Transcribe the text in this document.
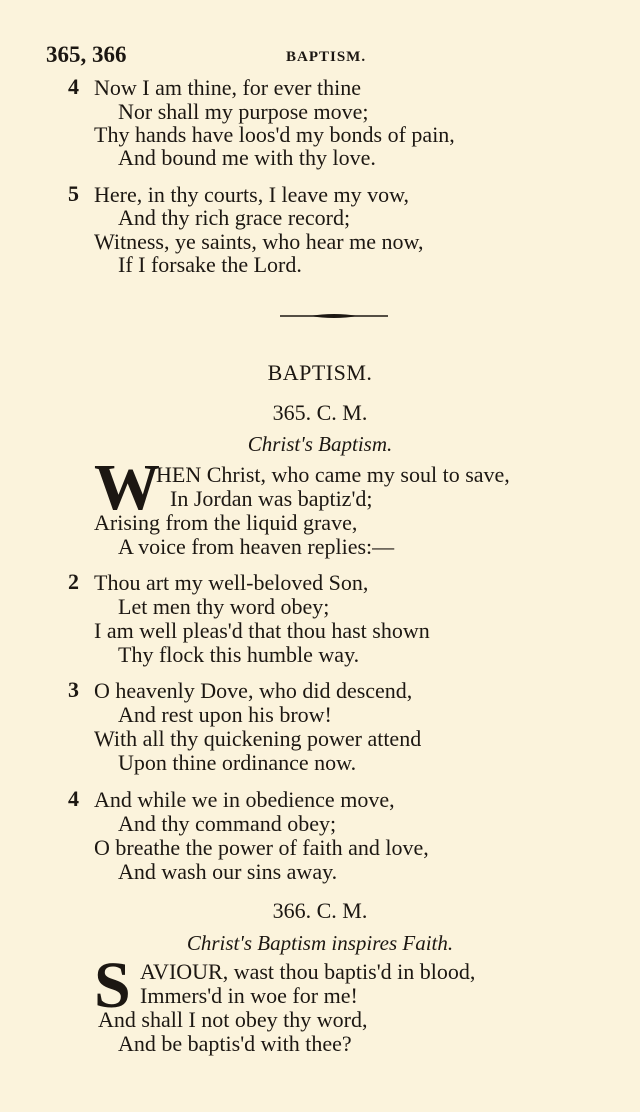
365, 366	BAPTISM.
4 Now I am thine, for ever thine
Nor shall my purpose move;
Thy hands have loos'd my bonds of pain,
And bound me with thy love.
5 Here, in thy courts, I leave my vow,
And thy rich grace record;
Witness, ye saints, who hear me now,
If I forsake the Lord.
BAPTISM.
365. C. M.
Christ's Baptism.
W
HEN Christ, who came my soul to save,
In Jordan was baptiz'd;
Arising from the liquid grave,
A voice from heaven replies:—
2 Thou art my well-beloved Son,
Let men thy word obey;
I am well pleas'd that thou hast shown
Thy flock this humble way.
3 O heavenly Dove, who did descend,
And rest upon his brow!
With all thy quickening power attend
Upon thine ordinance now.
4 And while we in obedience move,
And thy command obey;
O breathe the power of faith and love,
And wash our sins away.
366. C. M.
Christ's Baptism inspires Faith.
S AVIOUR, wast thou baptis'd in blood,
Immers'd in woe for me!
And shall I not obey thy word,
And be baptis'd with thee?
